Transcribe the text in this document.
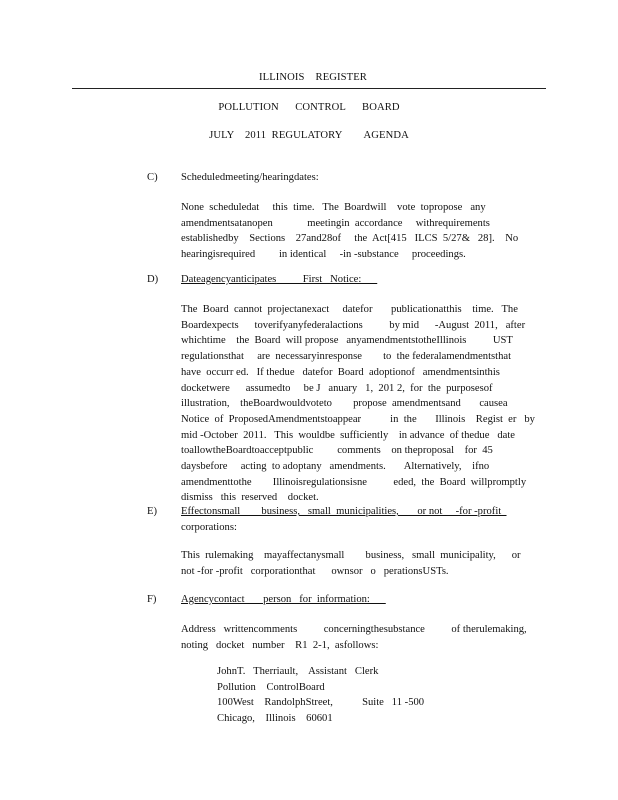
ILLINOIS    REGISTER
POLLUTION      CONTROL      BOARD
JULY    2011  REGULATORY        AGENDA
C) Scheduledmeeting/hearingdates:
None  scheduledat     this  time.   The  Boardwill    vote  topropose   any
amendmentsatanopen             meetingin  accordance     withrequirements
establishedby    Sections    27and28of     the  Act[415   ILCS  5/27&   28].    No
hearingisrequired         in identical     -in -substance     proceedings.
D) Dateagencyanticipates          First   Notice:
The  Board  cannot  projectanexact     datefor       publicationatthis    time.   The
Boardexpects      toverifyanyfederalactions          by mid      -August  2011,   after
whichtime    the  Board  will propose   anyamendmentstotheIllinois          UST
regulationsthat     are  necessaryinresponse        to  the federalamendmentsthat
have  occurr ed.   If thedue   datefor  Board  adoptionof   amendmentsinthis
docketwere      assumedto     be J   anuary   1,  201 2,  for  the  purposesof
illustration,    theBoardwouldvoteto        propose  amendmentsand       causea
Notice  of  ProposedAmendmentstoappear           in  the       Illinois    Regist  er   by
mid -October  2011.   This  wouldbe  sufficiently    in advance  of thedue   date
toallowtheBoardtoacceptpublic         comments    on theproposal    for  45
daysbefore     acting  to adoptany   amendments.       Alternatively,    ifno
amendmenttothe        Illinoisregulationsisne          eded,  the  Board  willpromptly
dismiss   this  reserved    docket.
E) Effectonsmall        business,   small  municipalities,       or not     -for -profit
corporations:
This  rulemaking    mayaffectanysmall        business,   small  municipality,      or
not -for -profit   corporationthat      ownsor   o   perationsUSTs.
F) Agencycontact       person   for  information:
Address   writtencomments          concerningthesubstance          of therulemaking,
noting   docket   number    R1  2-1,  asfollows:
JohnT.   Therriault,    Assistant   Clerk
Pollution    ControlBoard
100West    RandolphStreet,           Suite   11 -500
Chicago,    Illinois    60601
